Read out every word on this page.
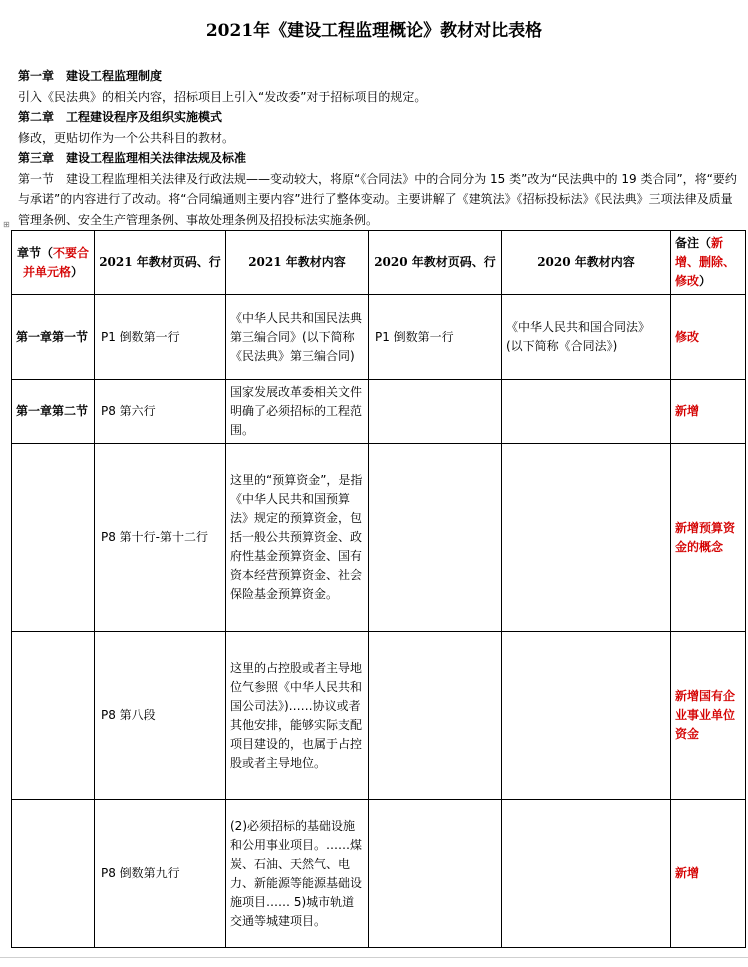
2021年《建设工程监理概论》教材对比表格

第一章　建设工程监理制度

引入《民法典》的相关内容，招标项目上引入“发改委”对于招标项目的规定。

第二章　工程建设程序及组织实施模式

修改，更贴切作为一个公共科目的教材。

第三章　建设工程监理相关法律法规及标准

第一节　建设工程监理相关法律及行政法规——变动较大，将原“《合同法》中的合同分为 15 类”改为“民法典中的 19 类合同”，将“要约与承诺”的内容进行了改动。将“合同编通则主要内容”进行了整体变动。主要讲解了《建筑法》《招标投标法》《民法典》三项法律及质量管理条例、安全生产管理条例、事故处理条例及招投标法实施条例。

⊞
章节（不要合并单元格）	2021 年教材页码、行	2021 年教材内容	2020 年教材页码、行	2020 年教材内容	备注（新增、删除、修改）
第一章第一节	P1 倒数第一行	《中华人民共和国民法典第三编合同》(以下简称《民法典》第三编合同)	P1 倒数第一行	《中华人民共和国合同法》(以下简称《合同法》)	修改
第一章第二节	P8 第六行	国家发展改革委相关文件明确了必须招标的工程范围。			新增
	P8 第十行-第十二行	这里的“预算资金”，是指《中华人民共和国预算法》规定的预算资金，包括一般公共预算资金、政府性基金预算资金、国有资本经营预算资金、社会保险基金预算资金。			新增预算资金的概念
	P8 第八段	这里的占控股或者主导地位气参照《中华人民共和国公司法》)……协议或者其他安排，能够实际支配项目建设的，也属于占控股或者主导地位。			新增国有企业事业单位资金
	P8 倒数第九行	(2)必须招标的基础设施和公用事业项目。……煤炭、石油、天然气、电力、新能源等能源基础设施项目…… 5)城市轨道交通等城建项目。			新增
